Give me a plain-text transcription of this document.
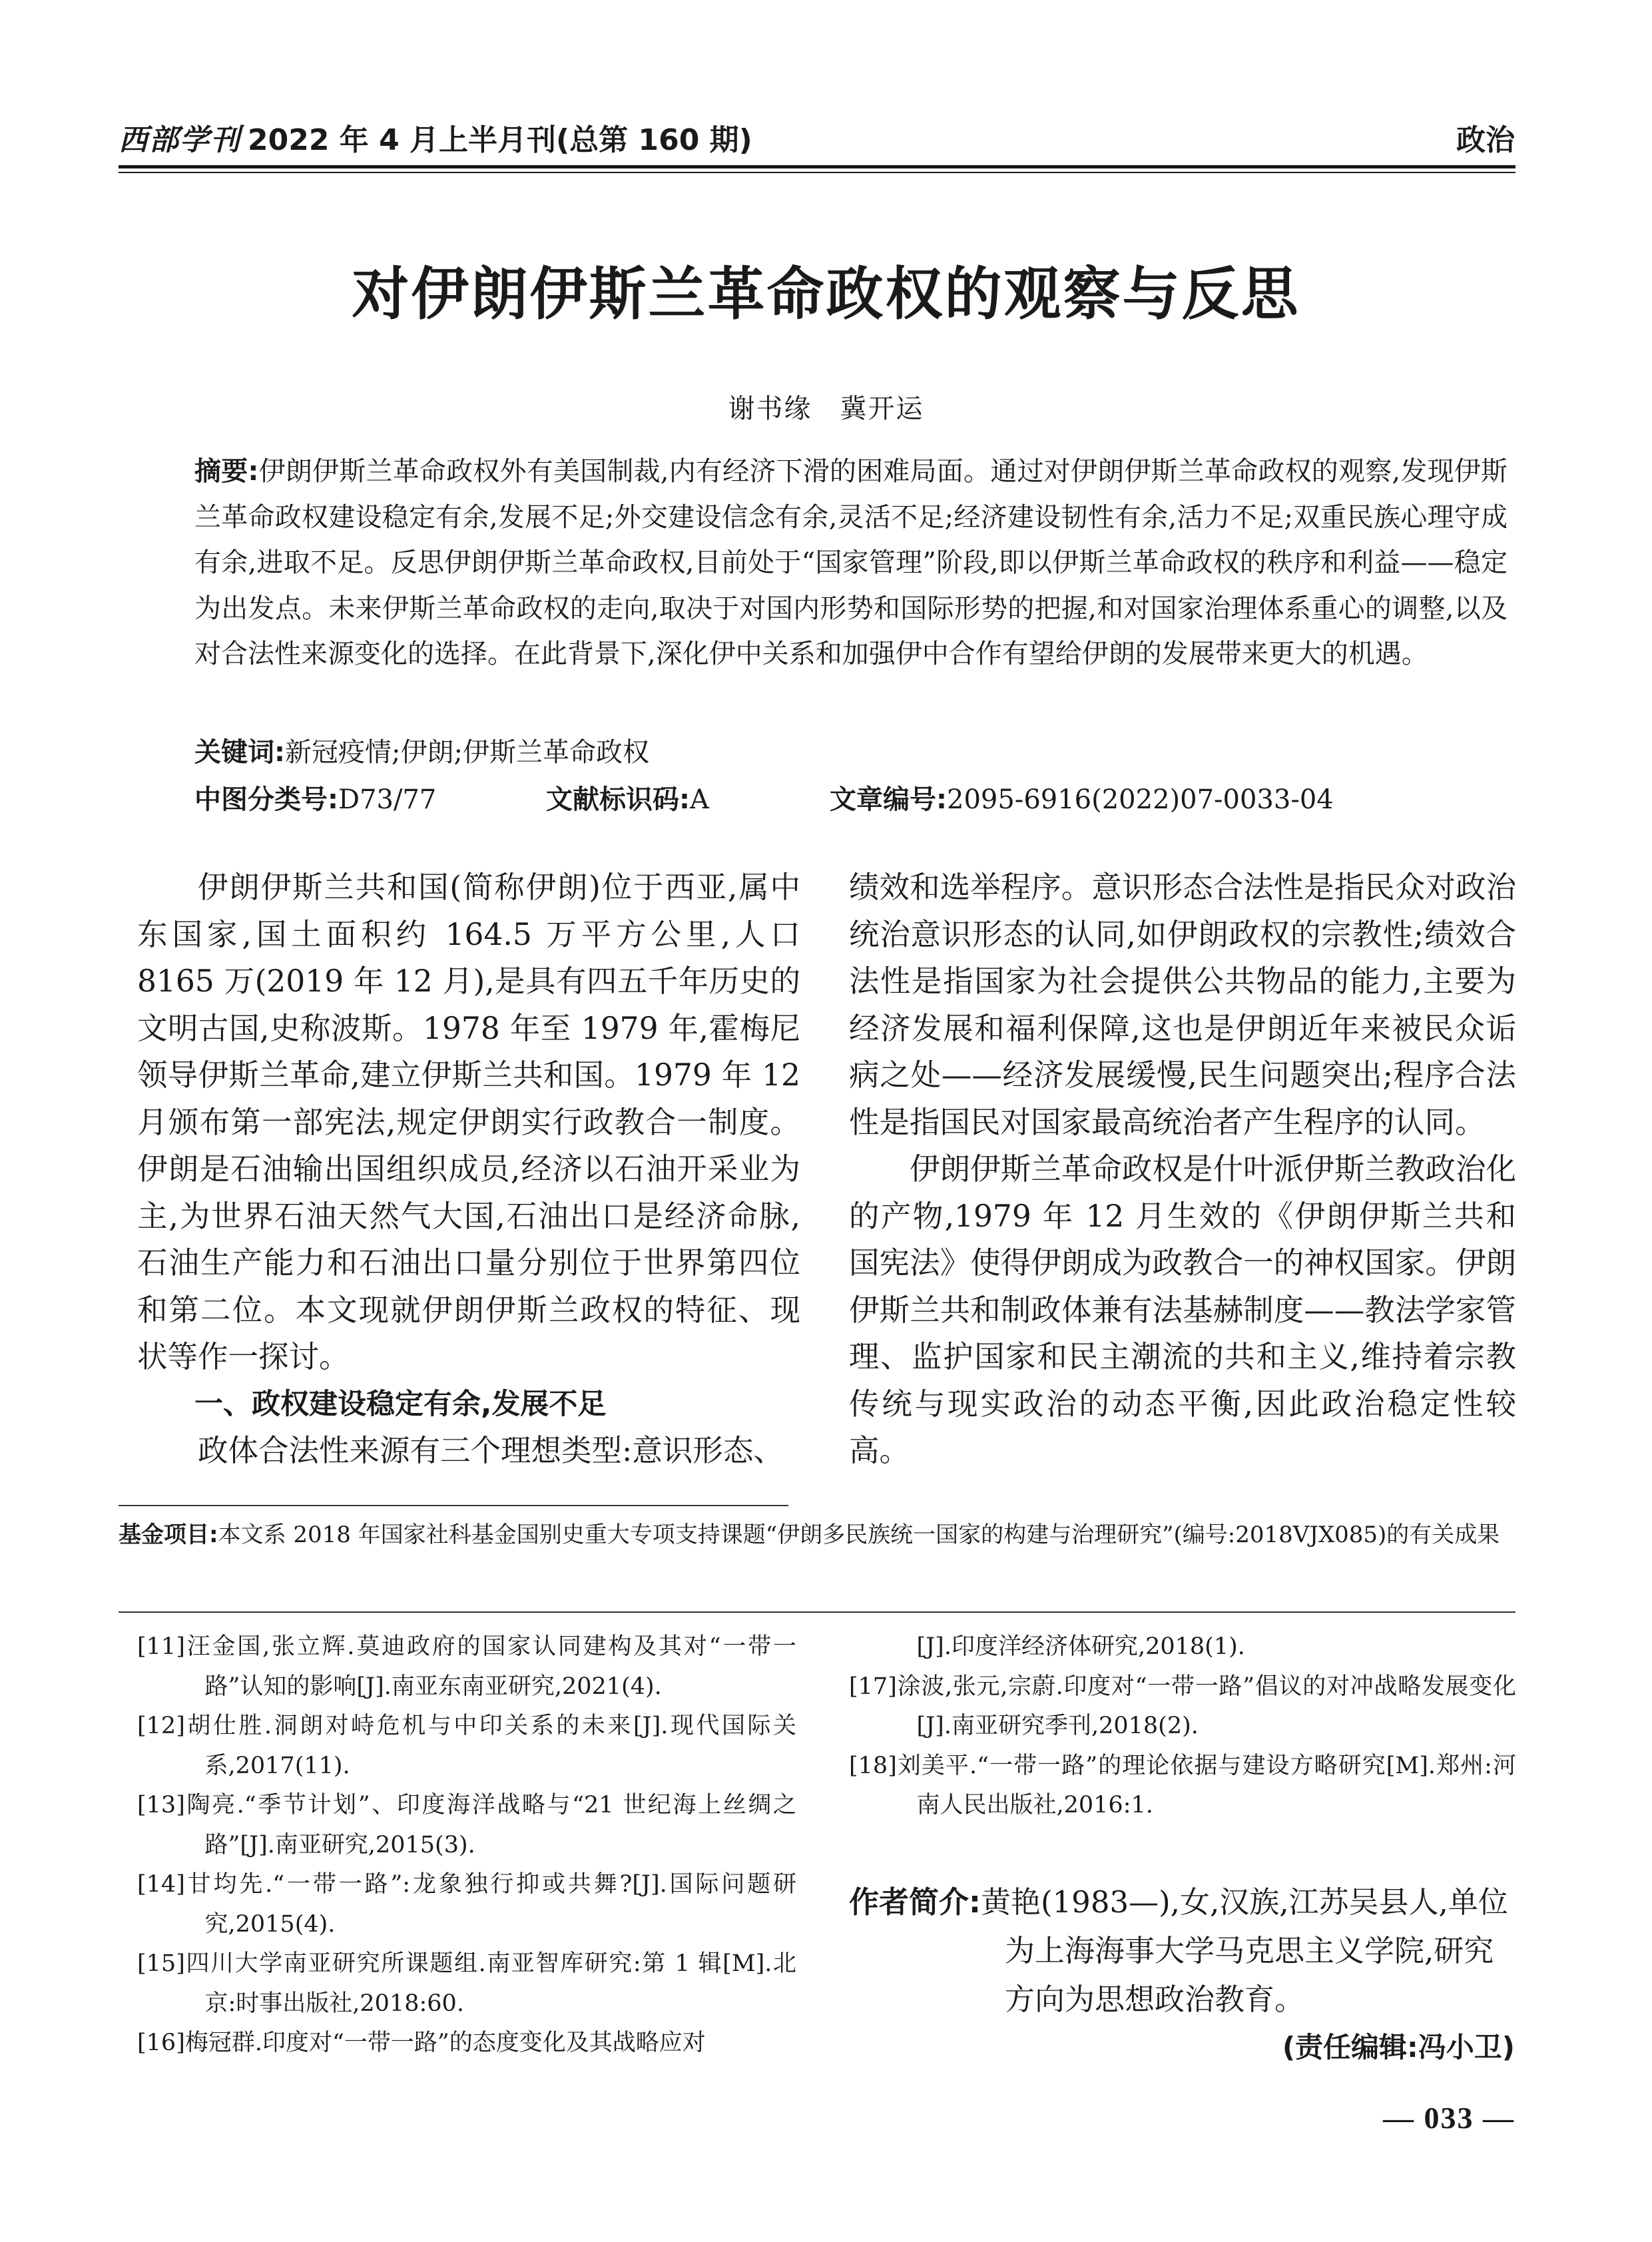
西部学刊 2022 年 4 月上半月刊(总第 160 期)	政治
对伊朗伊斯兰革命政权的观察与反思
谢书缘　冀开运
摘要:伊朗伊斯兰革命政权外有美国制裁,内有经济下滑的困难局面。通过对伊朗伊斯兰革命政权的观察,发现伊斯兰革命政权建设稳定有余,发展不足;外交建设信念有余,灵活不足;经济建设韧性有余,活力不足;双重民族心理守成有余,进取不足。反思伊朗伊斯兰革命政权,目前处于“国家管理”阶段,即以伊斯兰革命政权的秩序和利益——稳定为出发点。未来伊斯兰革命政权的走向,取决于对国内形势和国际形势的把握,和对国家治理体系重心的调整,以及对合法性来源变化的选择。在此背景下,深化伊中关系和加强伊中合作有望给伊朗的发展带来更大的机遇。
关键词:新冠疫情;伊朗;伊斯兰革命政权
中图分类号:D73/77	文献标识码:A	文章编号:2095-6916(2022)07-0033-04

伊朗伊斯兰共和国(简称伊朗)位于西亚,属中东国家,国土面积约 164.5 万平方公里,人口 8165 万(2019 年 12 月),是具有四五千年历史的文明古国,史称波斯。1978 年至 1979 年,霍梅尼领导伊斯兰革命,建立伊斯兰共和国。1979 年 12 月颁布第一部宪法,规定伊朗实行政教合一制度。伊朗是石油输出国组织成员,经济以石油开采业为主,为世界石油天然气大国,石油出口是经济命脉,石油生产能力和石油出口量分别位于世界第四位和第二位。本文现就伊朗伊斯兰政权的特征、现状等作一探讨。

一、政权建设稳定有余,发展不足

政体合法性来源有三个理想类型:意识形态、

绩效和选举程序。意识形态合法性是指民众对政治统治意识形态的认同,如伊朗政权的宗教性;绩效合法性是指国家为社会提供公共物品的能力,主要为经济发展和福利保障,这也是伊朗近年来被民众诟病之处——经济发展缓慢,民生问题突出;程序合法性是指国民对国家最高统治者产生程序的认同。

伊朗伊斯兰革命政权是什叶派伊斯兰教政治化的产物,1979 年 12 月生效的《伊朗伊斯兰共和国宪法》使得伊朗成为政教合一的神权国家。伊朗伊斯兰共和制政体兼有法基赫制度——教法学家管理、监护国家和民主潮流的共和主义,维持着宗教传统与现实政治的动态平衡,因此政治稳定性较高。

基金项目:本文系 2018 年国家社科基金国别史重大专项支持课题“伊朗多民族统一国家的构建与治理研究”(编号:2018VJX085)的有关成果

[11]汪金国,张立辉.莫迪政府的国家认同建构及其对“一带一路”认知的影响[J].南亚东南亚研究,2021(4).

[12]胡仕胜.洞朗对峙危机与中印关系的未来[J].现代国际关系,2017(11).

[13]陶亮.“季节计划”、印度海洋战略与“21 世纪海上丝绸之路”[J].南亚研究,2015(3).

[14]甘均先.“一带一路”:龙象独行抑或共舞?[J].国际问题研究,2015(4).

[15]四川大学南亚研究所课题组.南亚智库研究:第 1 辑[M].北京:时事出版社,2018:60.

[16]梅冠群.印度对“一带一路”的态度变化及其战略应对

[J].印度洋经济体研究,2018(1).

[17]涂波,张元,宗蔚.印度对“一带一路”倡议的对冲战略发展变化[J].南亚研究季刊,2018(2).

[18]刘美平.“一带一路”的理论依据与建设方略研究[M].郑州:河南人民出版社,2016:1.

作者简介:黄艳(1983—),女,汉族,江苏吴县人,单位为上海海事大学马克思主义学院,研究方向为思想政治教育。
(责任编辑:冯小卫)
— 033 —
